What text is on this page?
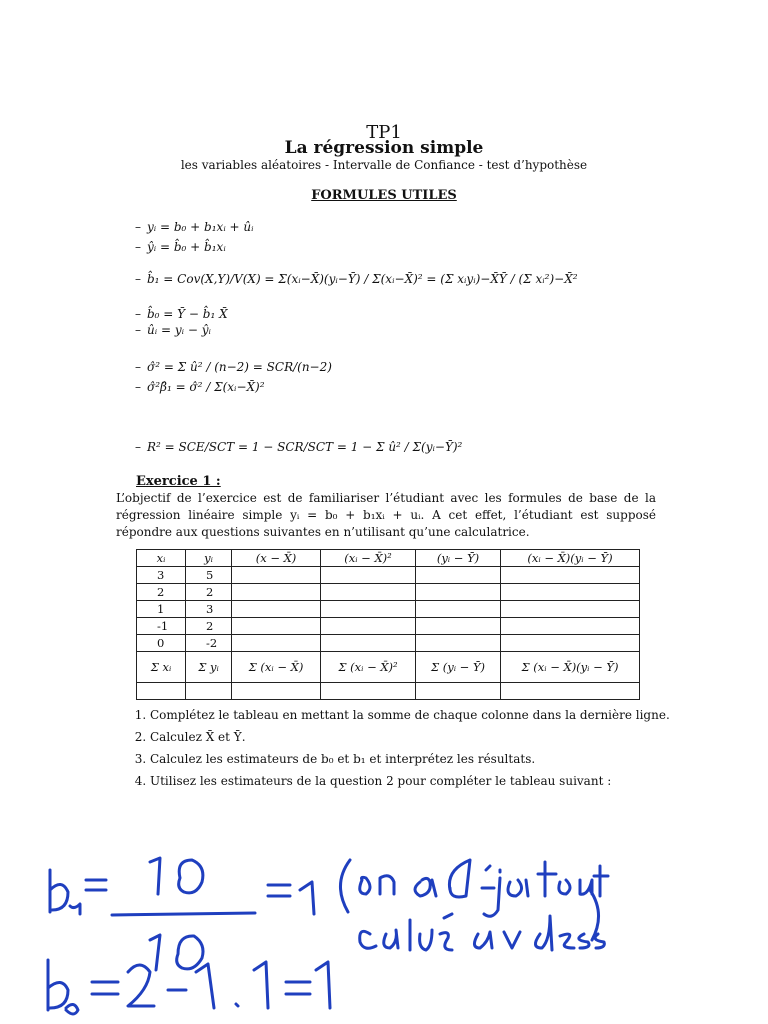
TP1
La régression simple
les variables aléatoires - Intervalle de Confiance - test d’hypothèse
FORMULES UTILES
– yᵢ = b₀ + b₁xᵢ + ûᵢ
– ŷᵢ = b̂₀ + b̂₁xᵢ
– b̂₁ = Cov(X,Y)/V(X) = Σ(xᵢ−X̄)(yᵢ−Ȳ) / Σ(xᵢ−X̄)² = (Σ xᵢyᵢ)−X̄Ȳ / (Σ xᵢ²)−X̄²
– b̂₀ = Ȳ − b̂₁ X̄
– ûᵢ = yᵢ − ŷᵢ
– σ̂² = Σ û² / (n−2) = SCR/(n−2)
– σ̂²β̂₁ = σ̂² / Σ(xᵢ−X̄)²
– R² = SCE/SCT = 1 − SCR/SCT = 1 − Σ û² / Σ(yᵢ−Ȳ)²
Exercice 1 :
L’objectif de l’exercice est de familiariser l’étudiant avec les formules de base de la régression linéaire simple yᵢ = b₀ + b₁xᵢ + uᵢ. A cet effet, l’étudiant est supposé répondre aux questions suivantes en n’utilisant qu’une calculatrice.
xᵢ	yᵢ	(x − X̄)	(xᵢ − X̄)²	(yᵢ − Ȳ)	(xᵢ − X̄)(yᵢ − Ȳ)
3	5				
2	2				
1	3				
-1	2				
0	-2				
Σ xᵢ	Σ yᵢ	Σ (xᵢ − X̄)	Σ (xᵢ − X̄)²	Σ (yᵢ − Ȳ)	Σ (xᵢ − X̄)(yᵢ − Ȳ)

1. Complétez le tableau en mettant la somme de chaque colonne dans la dernière ligne.
2. Calculez X̄ et Ȳ.
3. Calculez les estimateurs de b₀ et b₁ et interprétez les résultats.
4. Utilisez les estimateurs de la question 2 pour compléter le tableau suivant :
